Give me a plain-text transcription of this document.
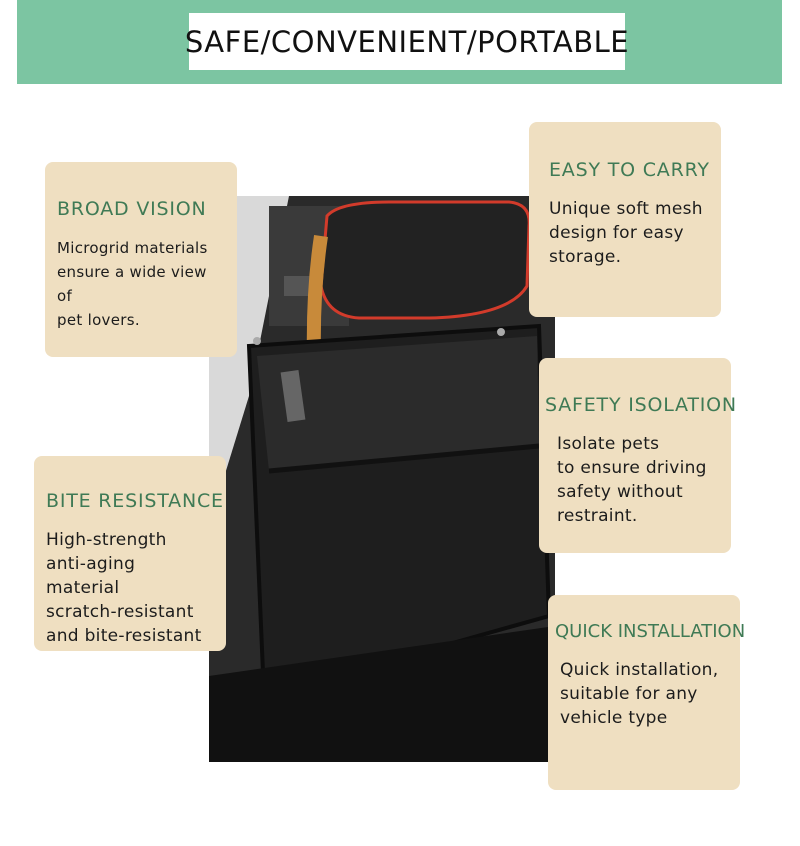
SAFE/CONVENIENT/PORTABLE
BROAD VISION
Microgrid materials
ensure a wide view of
pet lovers.
BITE RESISTANCE
High-strength
anti-aging material
scratch-resistant
and bite-resistant
EASY TO CARRY
Unique soft mesh
design for easy
storage.
SAFETY ISOLATION
Isolate pets
to ensure driving
safety without
restraint.
QUICK INSTALLATION
Quick installation,
suitable for any
vehicle type
